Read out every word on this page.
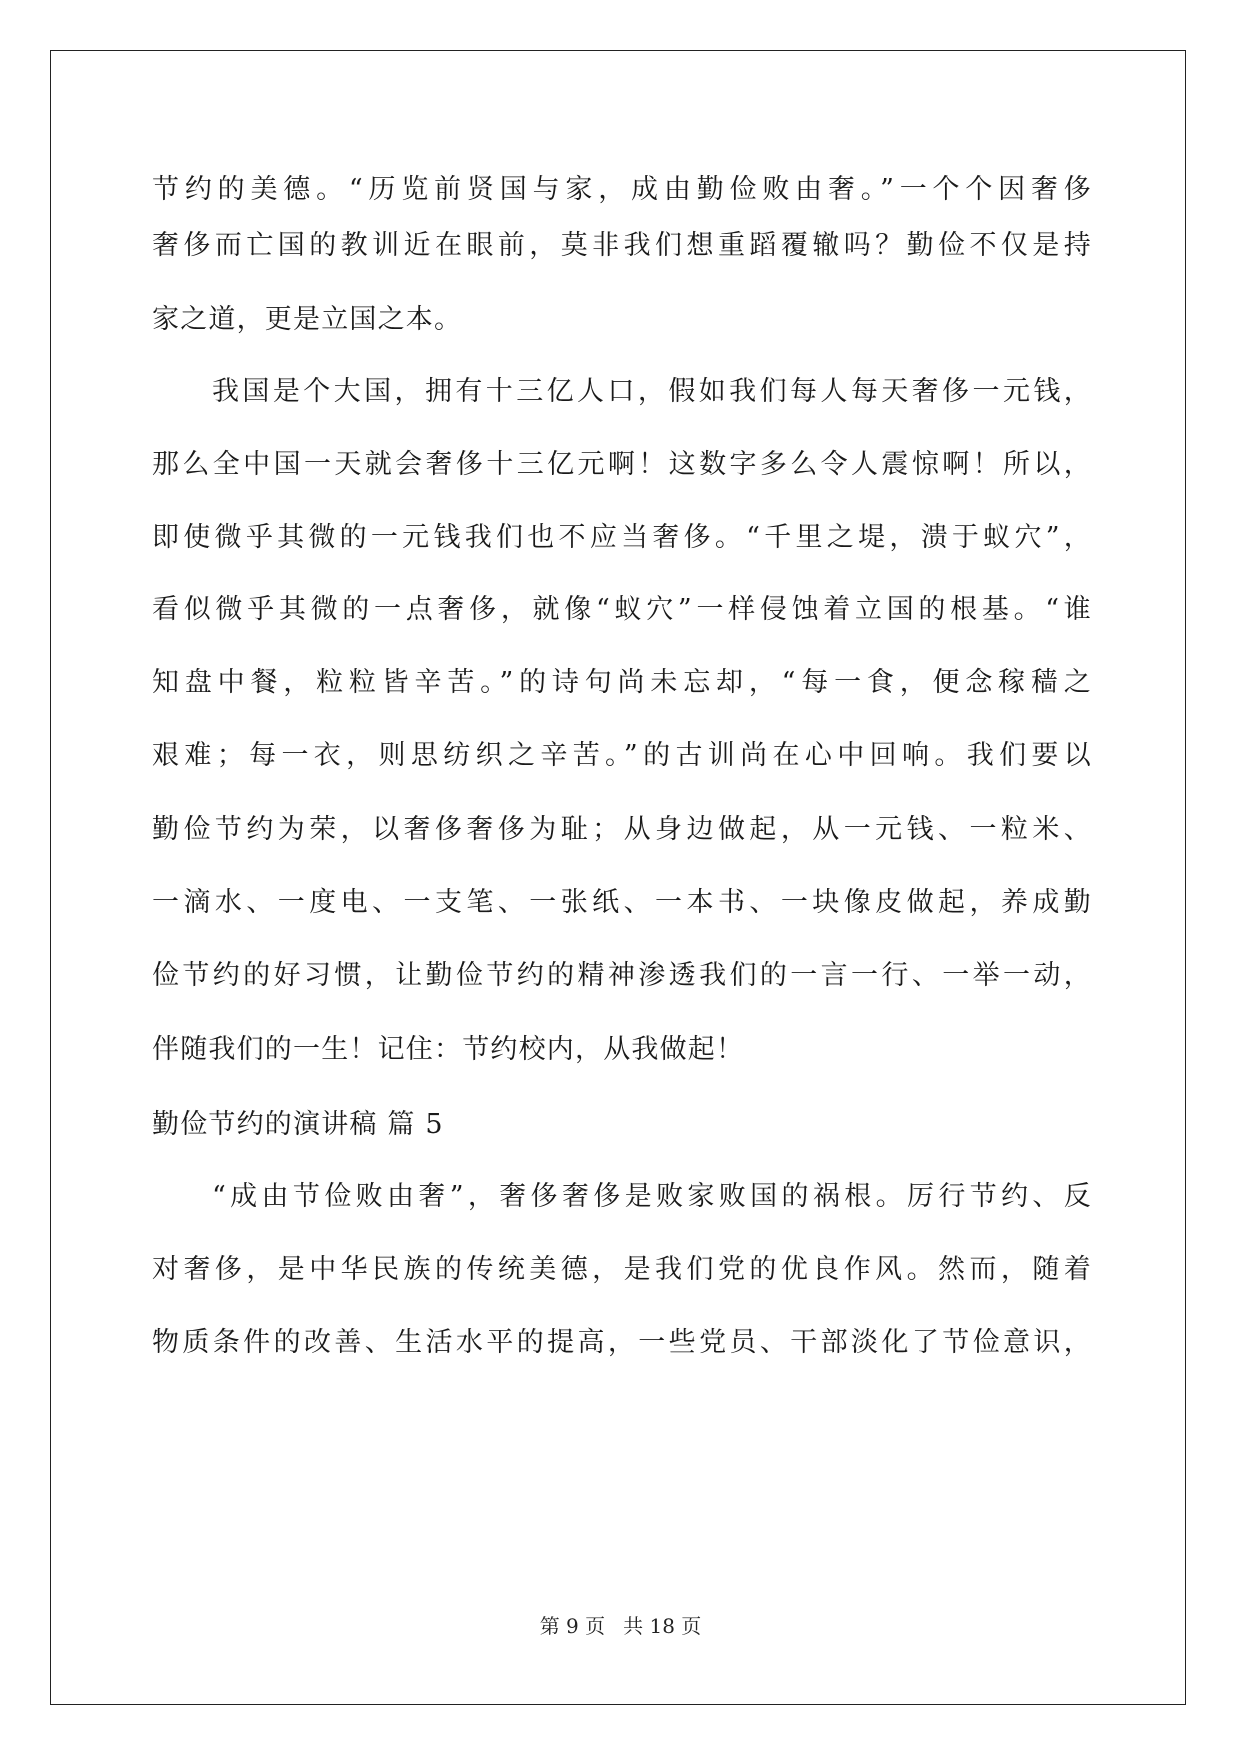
节约的美德。“历览前贤国与家，成由勤俭败由奢。”一个个因奢侈
奢侈而亡国的教训近在眼前，莫非我们想重蹈覆辙吗？勤俭不仅是持
家之道，更是立国之本。
我国是个大国，拥有十三亿人口，假如我们每人每天奢侈一元钱，
那么全中国一天就会奢侈十三亿元啊！这数字多么令人震惊啊！所以，
即使微乎其微的一元钱我们也不应当奢侈。“千里之堤，溃于蚁穴”，
看似微乎其微的一点奢侈，就像“蚁穴”一样侵蚀着立国的根基。“谁
知盘中餐，粒粒皆辛苦。”的诗句尚未忘却，“每一食，便念稼穑之
艰难；每一衣，则思纺织之辛苦。”的古训尚在心中回响。我们要以
勤俭节约为荣，以奢侈奢侈为耻；从身边做起，从一元钱、一粒米、
一滴水、一度电、一支笔、一张纸、一本书、一块像皮做起，养成勤
俭节约的好习惯，让勤俭节约的精神渗透我们的一言一行、一举一动，
伴随我们的一生！记住：节约校内，从我做起！
勤俭节约的演讲稿 篇 5
“成由节俭败由奢”，奢侈奢侈是败家败国的祸根。厉行节约、反
对奢侈，是中华民族的传统美德，是我们党的优良作风。然而，随着
物质条件的改善、生活水平的提高，一些党员、干部淡化了节俭意识，
第 9 页 共 18 页
